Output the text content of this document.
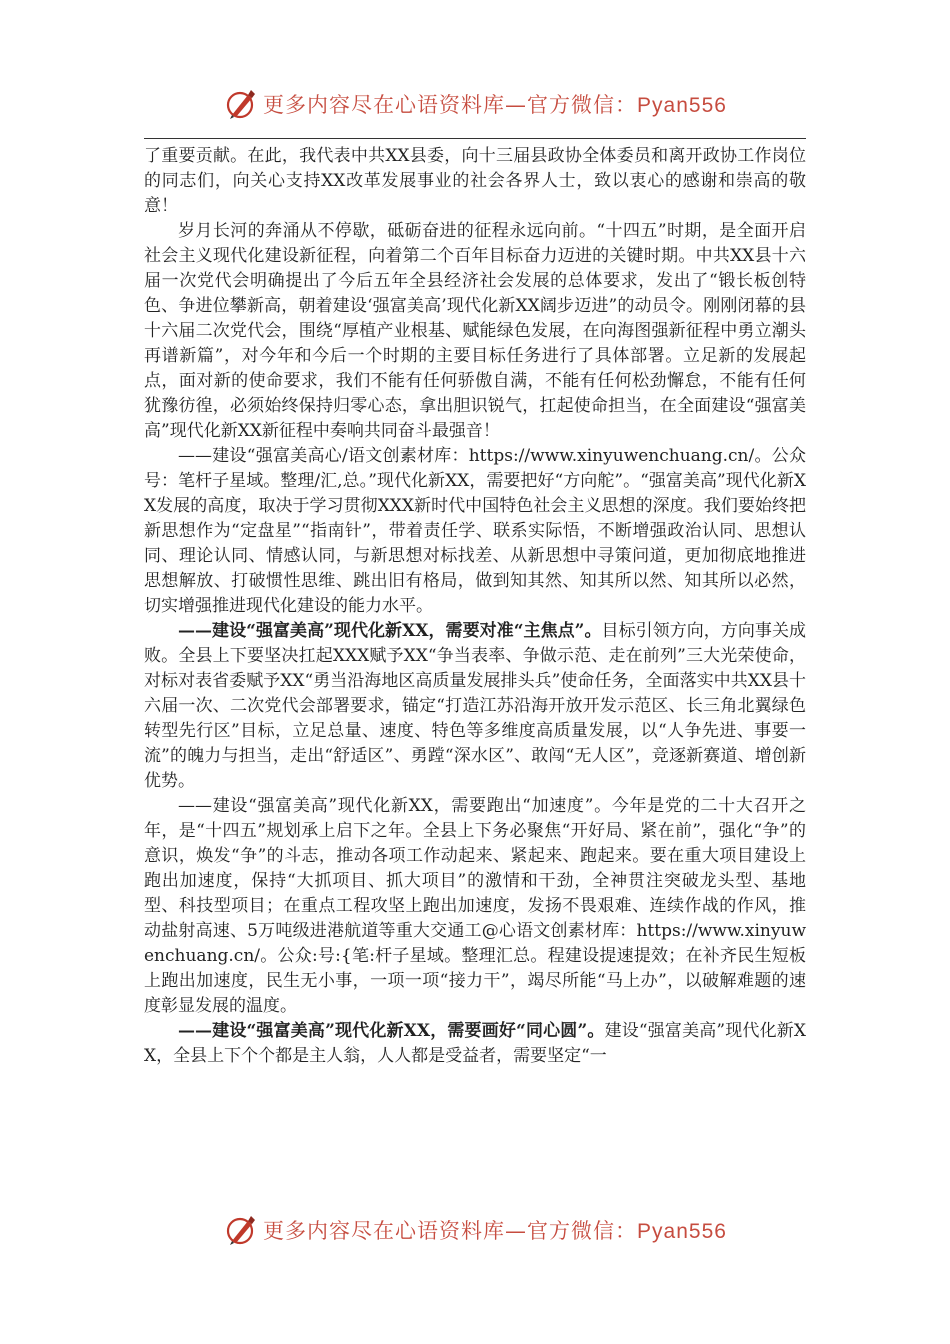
更多内容尽在心语资料库—官方微信：Pyan556

了重要贡献。在此，我代表中共XX县委，向十三届县政协全体委员和离开政协工作岗位的同志们，向关心支持XX改革发展事业的社会各界人士，致以衷心的感谢和崇高的敬意！

岁月长河的奔涌从不停歇，砥砺奋进的征程永远向前。“十四五”时期，是全面开启社会主义现代化建设新征程，向着第二个百年目标奋力迈进的关键时期。中共XX县十六届一次党代会明确提出了今后五年全县经济社会发展的总体要求，发出了“锻长板创特色、争进位攀新高，朝着建设‘强富美高’现代化新XX阔步迈进”的动员令。刚刚闭幕的县十六届二次党代会，围绕“厚植产业根基、赋能绿色发展，在向海图强新征程中勇立潮头再谱新篇”，对今年和今后一个时期的主要目标任务进行了具体部署。立足新的发展起点，面对新的使命要求，我们不能有任何骄傲自满，不能有任何松劲懈怠，不能有任何犹豫彷徨，必须始终保持归零心态，拿出胆识锐气，扛起使命担当，在全面建设“强富美高”现代化新XX新征程中奏响共同奋斗最强音！

——建设“强富美高心/语文创素材库：https://www.xinyuwenchuang.cn/。公众号：笔杆子星域。整理/汇,总。”现代化新XX，需要把好“方向舵”。“强富美高”现代化新XX发展的高度，取决于学习贯彻XXX新时代中国特色社会主义思想的深度。我们要始终把新思想作为“定盘星”“指南针”，带着责任学、联系实际悟，不断增强政治认同、思想认同、理论认同、情感认同，与新思想对标找差、从新思想中寻策问道，更加彻底地推进思想解放、打破惯性思维、跳出旧有格局，做到知其然、知其所以然、知其所以必然，切实增强推进现代化建设的能力水平。

——建设“强富美高”现代化新XX，需要对准“主焦点”。目标引领方向，方向事关成败。全县上下要坚决扛起XXX赋予XX“争当表率、争做示范、走在前列”三大光荣使命，对标对表省委赋予XX“勇当沿海地区高质量发展排头兵”使命任务，全面落实中共XX县十六届一次、二次党代会部署要求，锚定“打造江苏沿海开放开发示范区、长三角北翼绿色转型先行区”目标，立足总量、速度、特色等多维度高质量发展，以“人争先进、事要一流”的魄力与担当，走出“舒适区”、勇蹚“深水区”、敢闯“无人区”，竞逐新赛道、增创新优势。

——建设“强富美高”现代化新XX，需要跑出“加速度”。今年是党的二十大召开之年，是“十四五”规划承上启下之年。全县上下务必聚焦“开好局、紧在前”，强化“争”的意识，焕发“争”的斗志，推动各项工作动起来、紧起来、跑起来。要在重大项目建设上跑出加速度，保持“大抓项目、抓大项目”的激情和干劲，全神贯注突破龙头型、基地型、科技型项目；在重点工程攻坚上跑出加速度，发扬不畏艰难、连续作战的作风，推动盐射高速、5万吨级进港航道等重大交通工@心语文创素材库：https://www.xinyuwenchuang.cn/。公众:号:{笔:杆子星域。整理汇总。程建设提速提效；在补齐民生短板上跑出加速度，民生无小事，一项一项“接力干”，竭尽所能“马上办”，以破解难题的速度彰显发展的温度。

——建设“强富美高”现代化新XX，需要画好“同心圆”。建设“强富美高”现代化新XX，全县上下个个都是主人翁，人人都是受益者，需要坚定“一

更多内容尽在心语资料库—官方微信：Pyan556
